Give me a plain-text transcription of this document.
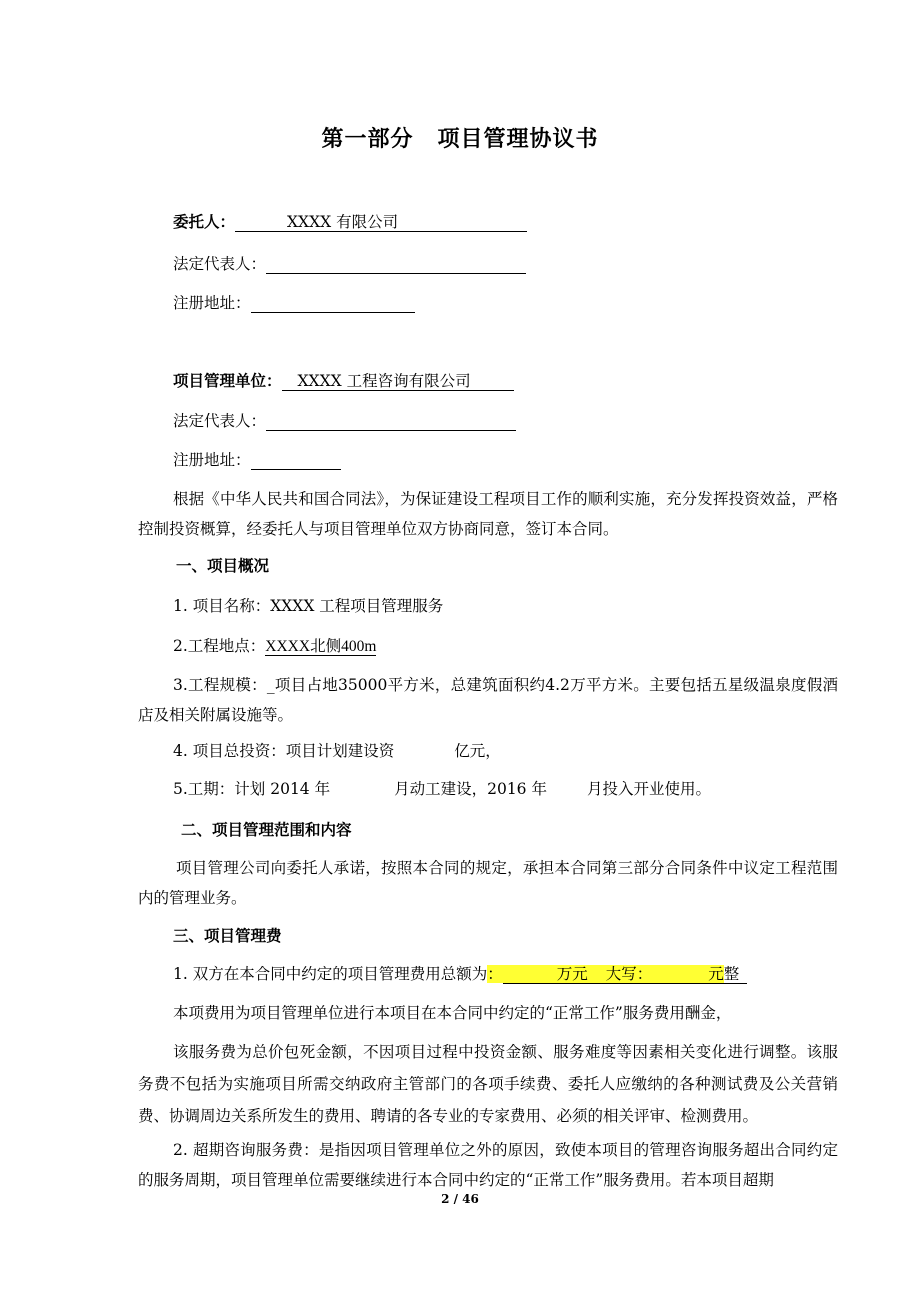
第一部分 项目管理协议书
委托人：	XXXX 有限公司
法定代表人：
注册地址：
项目管理单位： XXXX 工程咨询有限公司
法定代表人：
注册地址：
根据《中华人民共和国合同法》，为保证建设工程项目工作的顺利实施，充分发挥投资效益，严格控制投资概算，经委托人与项目管理单位双方协商同意，签订本合同。
一、项目概况
1. 项目名称：XXXX 工程项目管理服务
2.工程地点：XXXX北侧400m
3.工程规模：_项目占地35000平方米，总建筑面积约4.2万平方米。主要包括五星级温泉度假酒店及相关附属设施等。
4. 项目总投资：项目计划建设资	亿元，
5.工期：计划 2014 年	月动工建设，2016 年	月投入开业使用。
二、项目管理范围和内容
项目管理公司向委托人承诺，按照本合同的规定，承担本合同第三部分合同条件中议定工程范围内的管理业务。
三、项目管理费
1. 双方在本合同中约定的项目管理费用总额为：	万元 大写：	元整
本项费用为项目管理单位进行本项目在本合同中约定的“正常工作”服务费用酬金，
该服务费为总价包死金额，不因项目过程中投资金额、服务难度等因素相关变化进行调整。该服务费不包括为实施项目所需交纳政府主管部门的各项手续费、委托人应缴纳的各种测试费及公关营销费、协调周边关系所发生的费用、聘请的各专业的专家费用、必须的相关评审、检测费用。
2. 超期咨询服务费：是指因项目管理单位之外的原因，致使本项目的管理咨询服务超出合同约定的服务周期，项目管理单位需要继续进行本合同中约定的“正常工作”服务费用。若本项目超期
2 / 46
